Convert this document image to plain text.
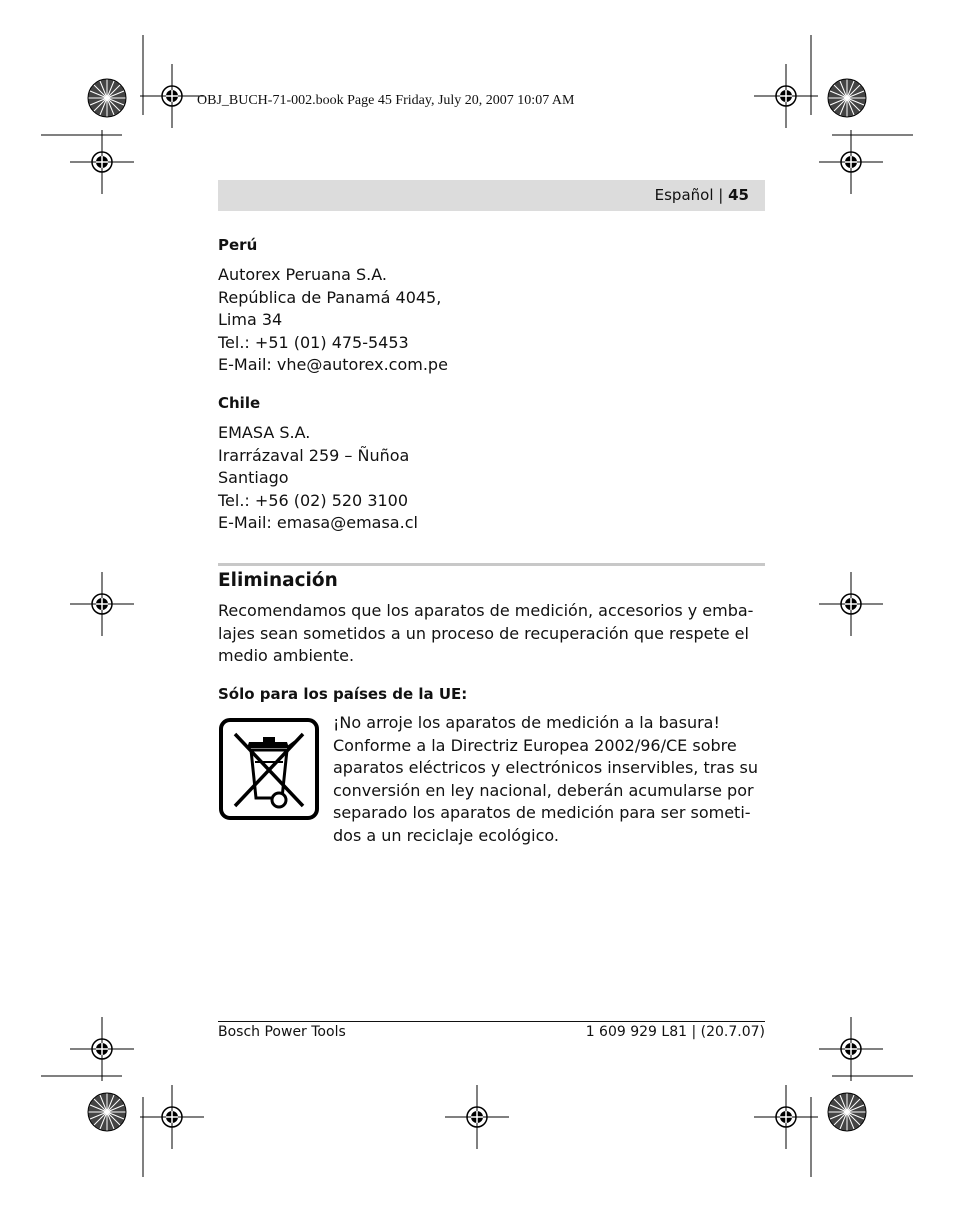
OBJ_BUCH-71-002.book Page 45 Friday, July 20, 2007 10:07 AM
Español | 45
Perú
Autorex Peruana S.A.
República de Panamá 4045,
Lima 34
Tel.: +51 (01) 475-5453
E-Mail: vhe@autorex.com.pe
Chile
EMASA S.A.
Irarrázaval 259 – Ñuñoa
Santiago
Tel.: +56 (02) 520 3100
E-Mail: emasa@emasa.cl
Eliminación
Recomendamos que los aparatos de medición, accesorios y emba-
lajes sean sometidos a un proceso de recuperación que respete el
medio ambiente.
Sólo para los países de la UE:
¡No arroje los aparatos de medición a la basura!
Conforme a la Directriz Europea 2002/96/CE sobre
aparatos eléctricos y electrónicos inservibles, tras su
conversión en ley nacional, deberán acumularse por
separado los aparatos de medición para ser someti-
dos a un reciclaje ecológico.
Bosch Power Tools	1 609 929 L81 | (20.7.07)
